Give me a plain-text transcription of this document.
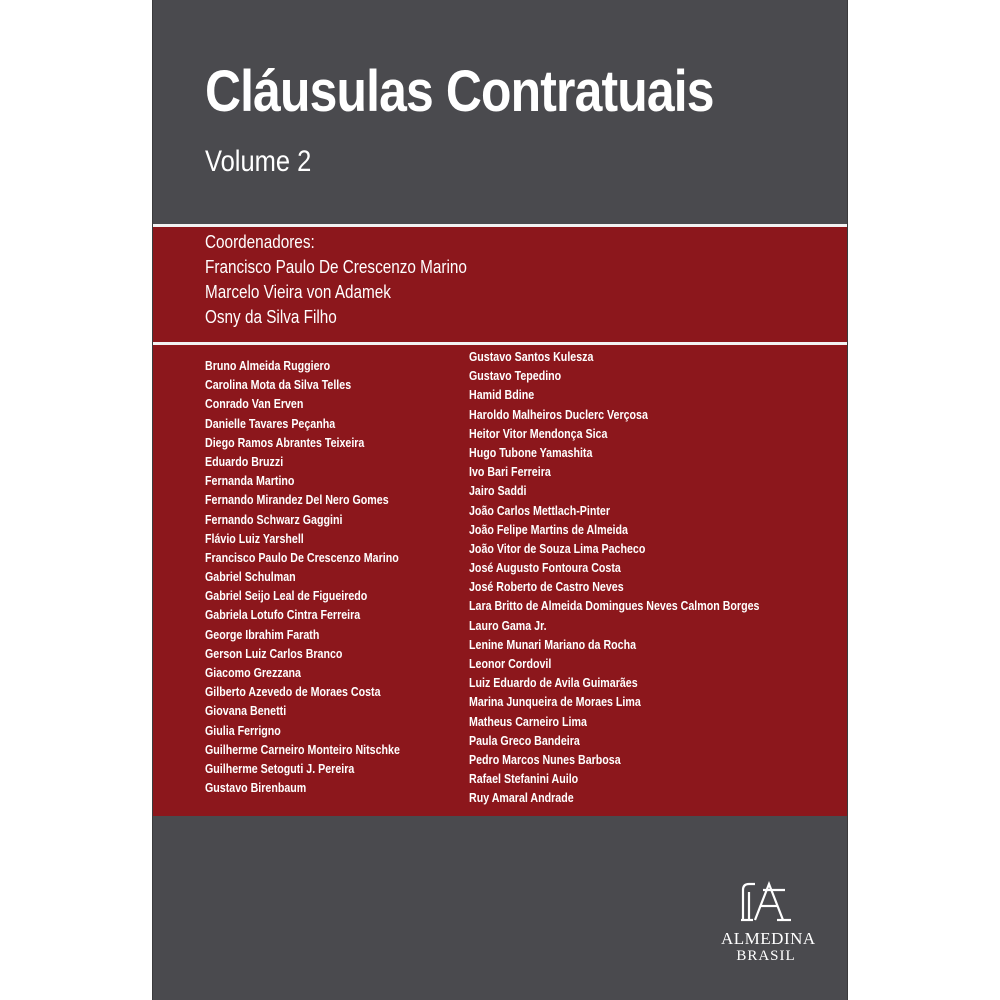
Cláusulas Contratuais
Volume 2
Coordenadores:
Francisco Paulo De Crescenzo Marino
Marcelo Vieira von Adamek
Osny da Silva Filho
Bruno Almeida Ruggiero
Carolina Mota da Silva Telles
Conrado Van Erven
Danielle Tavares Peçanha
Diego Ramos Abrantes Teixeira
Eduardo Bruzzi
Fernanda Martino
Fernando Mirandez Del Nero Gomes
Fernando Schwarz Gaggini
Flávio Luiz Yarshell
Francisco Paulo De Crescenzo Marino
Gabriel Schulman
Gabriel Seijo Leal de Figueiredo
Gabriela Lotufo Cintra Ferreira
George Ibrahim Farath
Gerson Luiz Carlos Branco
Giacomo Grezzana
Gilberto Azevedo de Moraes Costa
Giovana Benetti
Giulia Ferrigno
Guilherme Carneiro Monteiro Nitschke
Guilherme Setoguti J. Pereira
Gustavo Birenbaum
Gustavo Santos Kulesza
Gustavo Tepedino
Hamid Bdine
Haroldo Malheiros Duclerc Verçosa
Heitor Vitor Mendonça Sica
Hugo Tubone Yamashita
Ivo Bari Ferreira
Jairo Saddi
João Carlos Mettlach-Pinter
João Felipe Martins de Almeida
João Vitor de Souza Lima Pacheco
José Augusto Fontoura Costa
José Roberto de Castro Neves
Lara Britto de Almeida Domingues Neves Calmon Borges
Lauro Gama Jr.
Lenine Munari Mariano da Rocha
Leonor Cordovil
Luiz Eduardo de Avila Guimarães
Marina Junqueira de Moraes Lima
Matheus Carneiro Lima
Paula Greco Bandeira
Pedro Marcos Nunes Barbosa
Rafael Stefanini Auilo
Ruy Amaral Andrade
ALMEDINA
BRASIL
